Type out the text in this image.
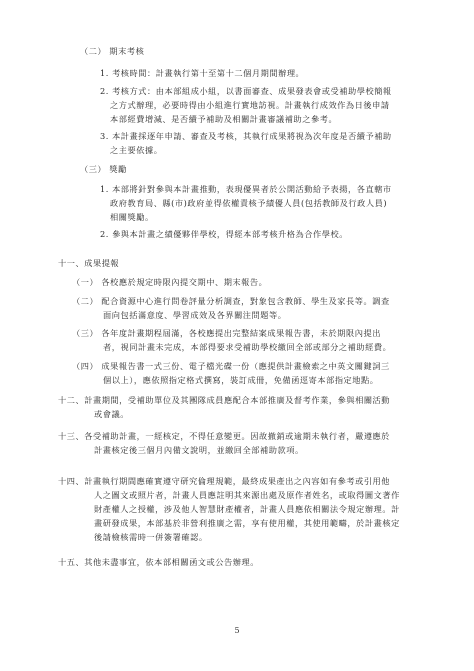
（二） 期末考核
1. 考核時間：計畫執行第十至第十二個月期間辦理。
2. 考核方式：由本部組成小組，以書面審查、成果發表會或受補助學校簡報
之方式辦理，必要時得由小組進行實地訪視。計畫執行成效作為日後申請
本部經費增減、是否續予補助及相關計畫審議補助之參考。
3. 本計畫採逐年申請、審查及考核，其執行成果將視為次年度是否續予補助
之主要依據。
（三） 獎勵
1. 本部將針對參與本計畫推動，表現優異者於公開活動給予表揚，各直轄市
政府教育局、縣(市)政府並得依權責核予績優人員(包括教師及行政人員)
相關獎勵。
2. 參與本計畫之績優夥伴學校，得經本部考核升格為合作學校。
十一、成果提報
（一） 各校應於規定時限內提交期中、期末報告。
（二） 配合資源中心進行問卷評量分析調查，對象包含教師、學生及家長等。調查
面向包括滿意度、學習成效及各界關注問題等。
（三） 各年度計畫期程屆滿，各校應提出完整結案成果報告書，未於期限內提出
者，視同計畫未完成，本部得要求受補助學校繳回全部或部分之補助經費。
（四） 成果報告書一式三份、電子檔光碟一份（應提供計畫檢索之中英文關鍵詞三
個以上），應依照指定格式撰寫，裝訂成冊，免備函逕寄本部指定地點。
十二、計畫期間，受補助單位及其團隊成員應配合本部推廣及督考作業，參與相關活動
或會議。
十三、各受補助計畫，一經核定，不得任意變更。因故撤銷或逾期未執行者，嚴遵應於
計畫核定後三個月內備文說明，並繳回全部補助款項。
十四、計畫執行期間應確實遵守研究倫理規範，最終成果產出之內容如有參考或引用他
人之圖文或照片者，計畫人員應註明其來源出處及原作者姓名，或取得圖文著作
財產權人之授權，涉及他人智慧財產權者，計畫人員應依相關法令規定辦理。計
畫研發成果，本部基於非營利推廣之需，享有使用權，其使用範疇，於計畫核定
後請檢核需時一併簽署確認。
十五、其他未盡事宜，依本部相關函文或公告辦理。
5
